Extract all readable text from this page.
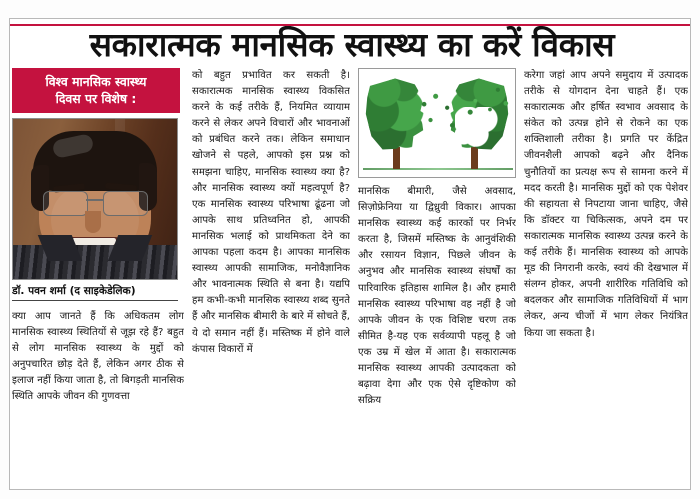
सकारात्मक मानसिक स्वास्थ्य का करें विकास
विश्व मानसिक स्वास्थ्य
दिवस पर विशेष :
डॉ. पवन शर्मा (द साइकेडेलिक)

क्या आप जानते हैं कि अधिकतम लोग मानसिक स्वास्थ्य स्थितियों से जूझ रहे हैं? बहुत से लोग मानसिक स्वास्थ्य के मुद्दों को अनुपचारित छोड़ देते हैं, लेकिन अगर ठीक से इलाज नहीं किया जाता है, तो बिगड़ती मानसिक स्थिति आपके जीवन की गुणवत्ता

को बहुत प्रभावित कर सकती है। सकारात्मक मानसिक स्वास्थ्य विकसित करने के कई तरीके हैं, नियमित व्यायाम करने से लेकर अपने विचारों और भावनाओं को प्रबंधित करने तक। लेकिन समाधान खोजने से पहले, आपको इस प्रश्न को समझना चाहिए, मानसिक स्वास्थ्य क्या है?​ और मानसिक स्वास्थ्य क्यों महत्वपूर्ण है?​ एक मानसिक स्वास्थ्य परिभाषा ढूंढना जो आपके साथ प्रतिध्वनित हो, आपकी मानसिक भलाई को प्राथमिकता देने का आपका पहला कदम है। आपका मानसिक स्वास्थ्य आपकी सामाजिक, मनोवैज्ञानिक और भावनात्मक स्थिति से बना है। यद्यपि हम कभी-कभी मानसिक स्वास्थ्य शब्द सुनते हैं और मानसिक बीमारी के बारे में सोचते हैं, ये दो समान नहीं हैं। मस्तिष्क में होने वाले कंपास विकारों में

मानसिक बीमारी, जैसे अवसाद, सिज़ोफ्रेनिया या द्विध्रुवी विकार। आपका मानसिक स्वास्थ्य कई कारकों पर निर्भर करता है, जिसमें मस्तिष्क के आनुवंशिकी और रसायन विज्ञान, पिछले जीवन के अनुभव और मानसिक स्वास्थ्य संघर्षों का पारिवारिक इतिहास शामिल है। और हमारी मानसिक स्वास्थ्य परिभाषा वह नहीं है जो आपके जीवन के एक विशिष्ट चरण तक सीमित है-यह एक सर्वव्यापी पहलू है जो एक उम्र में खेल में आता है। सकारात्मक मानसिक स्वास्थ्य आपकी उत्पादकता को बढ़ावा देगा और एक ऐसे दृष्टिकोण को सक्रिय

करेगा जहां आप अपने समुदाय में उत्पादक तरीके से योगदान देना चाहते हैं। एक सकारात्मक और हर्षित स्वभाव अवसाद के संकेत को उत्पन्न होने से रोकने का एक शक्तिशाली तरीका है। प्रगति पर केंद्रित जीवनशैली आपको बढ़ने और दैनिक चुनौतियों का प्रत्यक्ष रूप से सामना करने में मदद करती है। मानसिक मुद्दों को एक पेशेवर की सहायता से निपटाया जाना चाहिए, जैसे कि डॉक्टर या चिकित्सक, अपने दम पर सकारात्मक मानसिक स्वास्थ्य उत्पन्न करने के कई तरीके हैं। मानसिक स्वास्थ्य को आपके मूड की निगरानी करके, स्वयं की देखभाल में संलग्न होकर, अपनी शारीरिक गतिविधि को बदलकर और सामाजिक गतिविधियों में भाग लेकर, अन्य चीजों में भाग लेकर नियंत्रित किया जा सकता है।
